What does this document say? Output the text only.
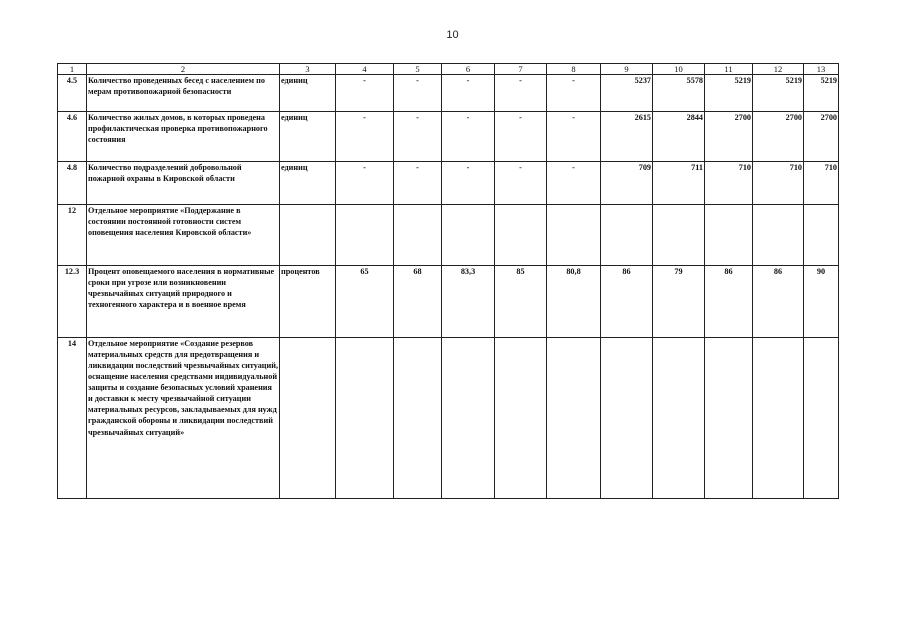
10
1	2	3	4	5	6	7	8	9	10	11	12	13
4.5	Количество проведенных бесед с населением по мерам противопожарной безопасности	единиц	-	-	-	-	-	5237	5578	5219	5219	5219
4.6	Количество жилых домов, в которых проведена профилактическая проверка противопожарного состояния	единиц	-	-	-	-	-	2615	2844	2700	2700	2700
4.8	Количество подразделений добровольной пожарной охраны в Кировской области	единиц	-	-	-	-	-	709	711	710	710	710
12	Отдельное мероприятие «Поддержание в состоянии постоянной готовности систем оповещения населения Кировской области»											
12.3	Процент оповещаемого населения в нормативные сроки при угрозе или возникновении чрезвычайных ситуаций природного и техногенного характера и в военное время	процентов	65	68	83,3	85	80,8	86	79	86	86	90
14	Отдельное мероприятие «Создание резервов материальных средств для предотвращения и ликвидации последствий чрезвычайных ситуаций, оснащение населения средствами индивидуальной защиты и создание безопасных условий хранения и доставки к месту чрезвычайной ситуации материальных ресурсов, закладываемых для нужд гражданской обороны и ликвидации последствий чрезвычайных ситуаций»											
